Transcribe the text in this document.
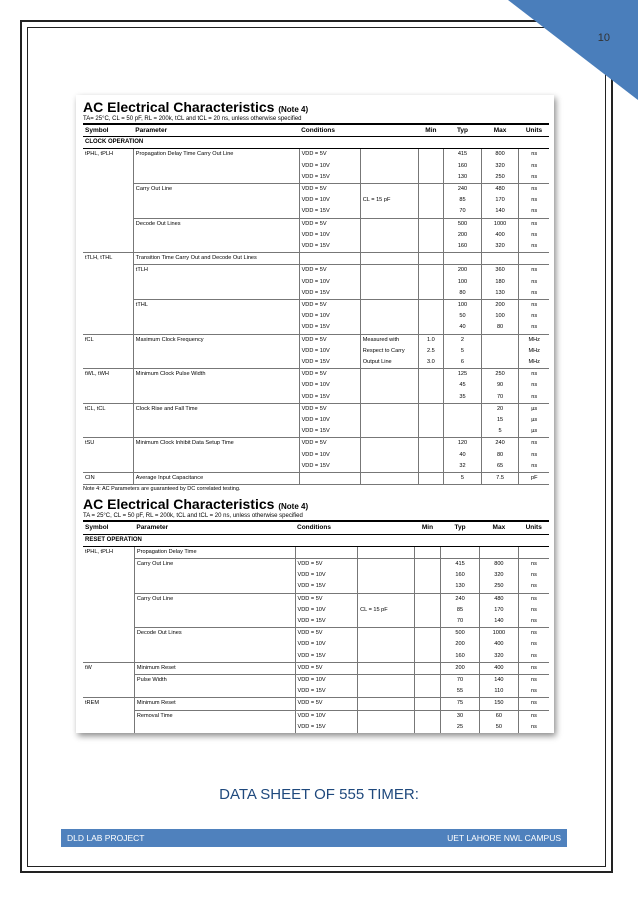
10
AC Electrical Characteristics (Note 4)
TA= 25°C, CL = 50 pF, RL = 200k, tCL and tCL = 20 ns, unless otherwise specified
Symbol	Parameter	Conditions		Min	Typ	Max	Units
CLOCK OPERATION							
tPHL, tPLH	Propagation Delay Time Carry Out Line	VDD = 5V			415	800	ns
		VDD = 10V			160	320	ns
		VDD = 15V			130	250	ns
	Carry Out Line	VDD = 5V			240	480	ns
		VDD = 10V	CL = 15 pF		85	170	ns
		VDD = 15V			70	140	ns
	Decode Out Lines	VDD = 5V			500	1000	ns
		VDD = 10V			200	400	ns
		VDD = 15V			160	320	ns
tTLH, tTHL	Transition Time Carry Out and Decode Out Lines						
	tTLH	VDD = 5V			200	360	ns
		VDD = 10V			100	180	ns
		VDD = 15V			80	130	ns
	tTHL	VDD = 5V			100	200	ns
		VDD = 10V			50	100	ns
		VDD = 15V			40	80	ns
fCL	Maximum Clock Frequency	VDD = 5V	Measured with	1.0	2		MHz
		VDD = 10V	Respect to Carry	2.5	5		MHz
		VDD = 15V	Output Line	3.0	6		MHz
tWL, tWH	Minimum Clock Pulse Width	VDD = 5V			125	250	ns
		VDD = 10V			45	90	ns
		VDD = 15V			35	70	ns
tCL, tCL	Clock Rise and Fall Time	VDD = 5V				20	µs
		VDD = 10V				15	µs
		VDD = 15V				5	µs
tSU	Minimum Clock Inhibit Data Setup Time	VDD = 5V			120	240	ns
		VDD = 10V			40	80	ns
		VDD = 15V			32	65	ns
CIN	Average Input Capacitance				5	7.5	pF
Note 4: AC Parameters are guaranteed by DC correlated testing.
AC Electrical Characteristics (Note 4)
TA = 25°C, CL = 50 pF, RL = 200k, tCL and tCL = 20 ns, unless otherwise specified
Symbol	Parameter	Conditions		Min	Typ	Max	Units
RESET OPERATION							
tPHL, tPLH	Propagation Delay Time						
	Carry Out Line	VDD = 5V			415	800	ns
		VDD = 10V			160	320	ns
		VDD = 15V			130	250	ns
	Carry Out Line	VDD = 5V			240	480	ns
		VDD = 10V	CL = 15 pF		85	170	ns
		VDD = 15V			70	140	ns
	Decode Out Lines	VDD = 5V			500	1000	ns
		VDD = 10V			200	400	ns
		VDD = 15V			160	320	ns
tW	Minimum Reset	VDD = 5V			200	400	ns
	Pulse Width	VDD = 10V			70	140	ns
		VDD = 15V			55	110	ns
tREM	Minimum Reset	VDD = 5V			75	150	ns
	Removal Time	VDD = 10V			30	60	ns
		VDD = 15V			25	50	ns
DATA SHEET OF 555 TIMER:
DLD LAB PROJECT	UET LAHORE NWL CAMPUS
